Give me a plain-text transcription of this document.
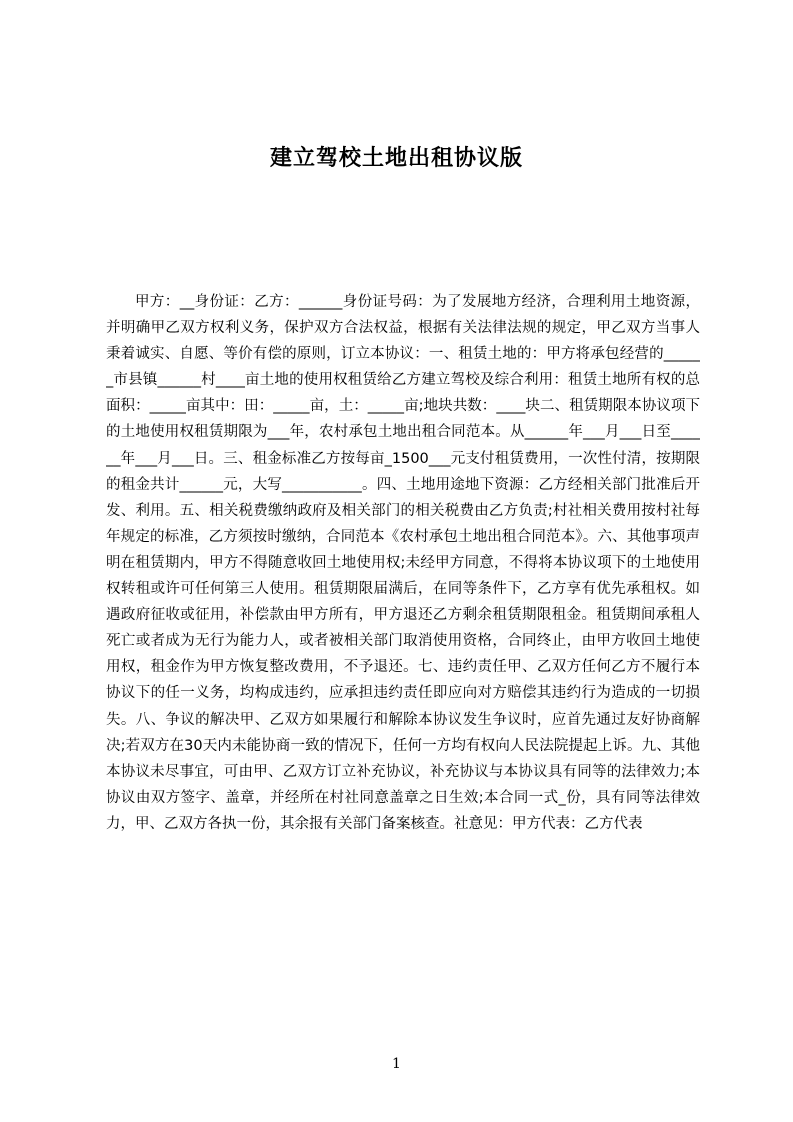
建立驾校土地出租协议版

甲方：__身份证：乙方：______身份证号码：为了发展地方经济，合理利用土地资源，并明确甲乙双方权利义务，保护双方合法权益，根据有关法律法规的规定，甲乙双方当事人秉着诚实、自愿、等价有偿的原则，订立本协议：一、租赁土地的：甲方将承包经营的______市县镇______村____亩土地的使用权租赁给乙方建立驾校及综合利用：租赁土地所有权的总面积：_____亩其中：田：_____亩，土：_____亩;地块共数：____块二、租赁期限本协议项下的土地使用权租赁期限为___年，农村承包土地出租合同范本。从______年___月___日至______年___月___日。三、租金标准乙方按每亩_1500___元支付租赁费用，一次性付清，按期限的租金共计______元，大写___________。四、土地用途地下资源：乙方经相关部门批准后开发、利用。五、相关税费缴纳政府及相关部门的相关税费由乙方负责;村社相关费用按村社每年规定的标准，乙方须按时缴纳，合同范本《农村承包土地出租合同范本》。六、其他事项声明在租赁期内，甲方不得随意收回土地使用权;未经甲方同意，不得将本协议项下的土地使用权转租或许可任何第三人使用。租赁期限届满后，在同等条件下，乙方享有优先承租权。如遇政府征收或征用，补偿款由甲方所有，甲方退还乙方剩余租赁期限租金。租赁期间承租人死亡或者成为无行为能力人，或者被相关部门取消使用资格，合同终止，由甲方收回土地使用权，租金作为甲方恢复整改费用，不予退还。七、违约责任甲、乙双方任何乙方不履行本协议下的任一义务，均构成违约，应承担违约责任即应向对方赔偿其违约行为造成的一切损失。八、争议的解决甲、乙双方如果履行和解除本协议发生争议时，应首先通过友好协商解决;若双方在30天内未能协商一致的情况下，任何一方均有权向人民法院提起上诉。九、其他本协议未尽事宜，可由甲、乙双方订立补充协议，补充协议与本协议具有同等的法律效力;本协议由双方签字、盖章，并经所在村社同意盖章之日生效;本合同一式_份，具有同等法律效力，甲、乙双方各执一份，其余报有关部门备案核查。社意见：甲方代表：乙方代表

1
